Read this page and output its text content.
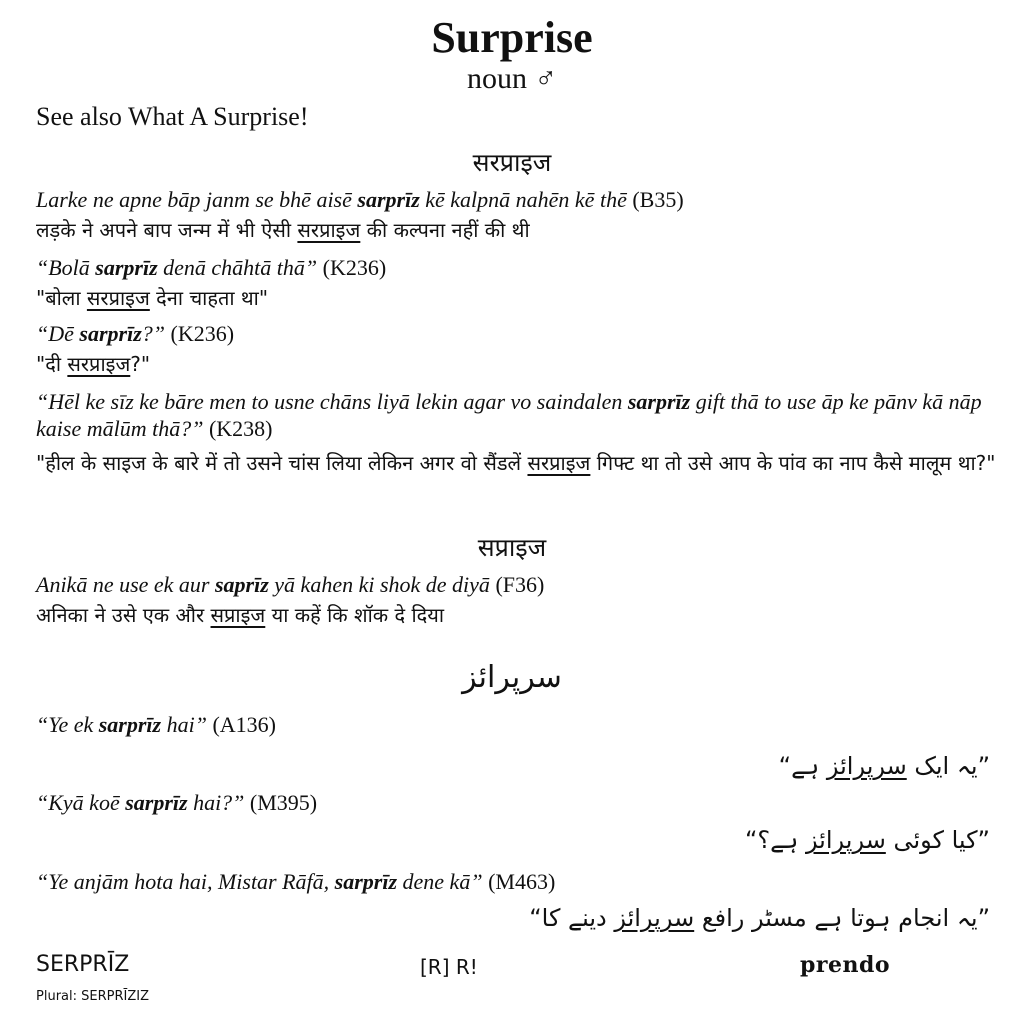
Surprise
noun ♂
See also What A Surprise!
सरप्राइज
Larke ne apne bāp janm se bhē aisē sarprīz kē kalpnā nahēn kē thē (B35)
लड़के ने अपने बाप जन्म में भी ऐसी सरप्राइज की कल्पना नहीं की थी
“Bolā sarprīz denā chāhtā thā” (K236)
"बोला सरप्राइज देना चाहता था"
“Dē sarprīz?” (K236)
"दी सरप्राइज?"
“Hēl ke sīz ke bāre men to usne chāns liyā lekin agar vo saindalen sarprīz gift thā to use āp ke pānv kā nāp kaise mālūm thā?” (K238)
"हील के साइज के बारे में तो उसने चांस लिया लेकिन अगर वो सैंडलें सरप्राइज गिफ्ट था तो उसे आप के पांव का नाप कैसे मालूम था?"
सप्राइज
Anikā ne use ek aur saprīz yā kahen ki shok de diyā (F36)
अनिका ने उसे एक और सप्राइज या कहें कि शॉक दे दिया
سرپرائز
“Ye ek sarprīz hai” (A136)
”یہ ایک سرپرائز ہے“
“Kyā koē sarprīz hai?” (M395)
”کیا کوئی سرپرائز ہے؟“
“Ye anjām hota hai, Mistar Rāfā, sarprīz dene kā” (M463)
”یہ انجام ہوتا ہے مسٹر رافع سرپرائز دینے کا“
SERPRĪZ
Plural: SERPRĪZIZ
[R] R!	prendo
